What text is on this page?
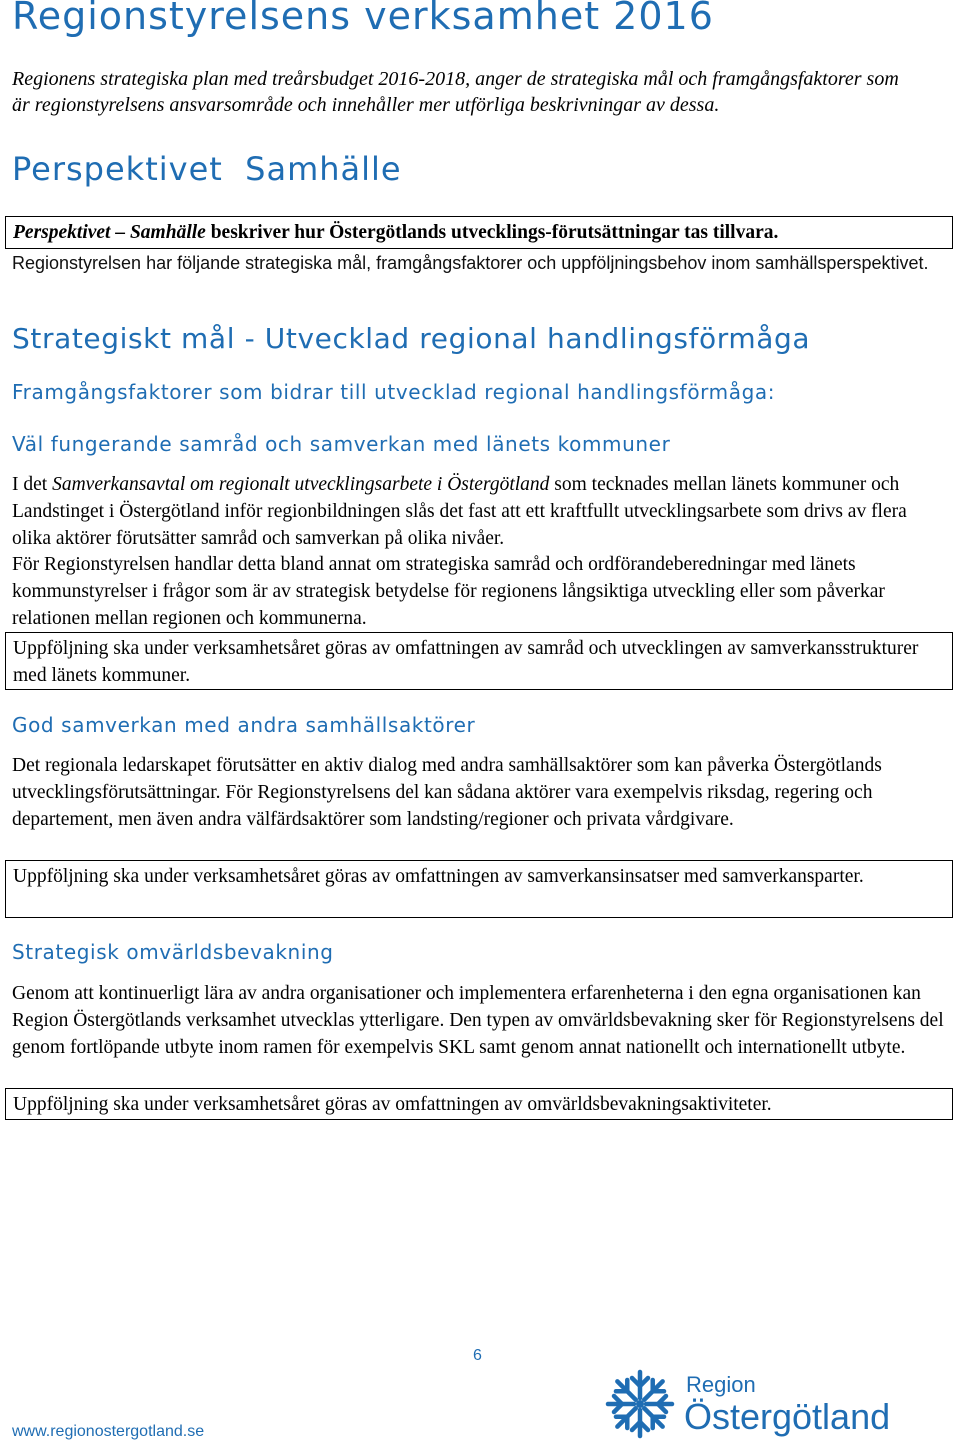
Regionstyrelsens verksamhet 2016

Regionens strategiska plan med treårsbudget 2016-2018, anger de strategiska mål och framgångsfaktorer som är regionstyrelsens ansvarsområde och innehåller mer utförliga beskrivningar av dessa.

Perspektivet  Samhälle
Perspektivet – Samhälle beskriver hur Östergötlands utvecklings-förutsättningar tas tillvara.

Regionstyrelsen har följande strategiska mål, framgångsfaktorer och uppföljningsbehov inom samhällsperspektivet.

Strategiskt mål - Utvecklad regional handlingsförmåga
Framgångsfaktorer som bidrar till utvecklad regional handlingsförmåga:
Väl fungerande samråd och samverkan med länets kommuner

I det Samverkansavtal om regionalt utvecklingsarbete i Östergötland som tecknades mellan länets kommuner och Landstinget i Östergötland inför regionbildningen slås det fast att ett kraftfullt utvecklingsarbete som drivs av flera olika aktörer förutsätter samråd och samverkan på olika nivåer.

För Regionstyrelsen handlar detta bland annat om strategiska samråd och ordförandeberedningar med länets kommunstyrelser i frågor som är av strategisk betydelse för regionens långsiktiga utveckling eller som påverkar relationen mellan regionen och kommunerna.

Uppföljning ska under verksamhetsåret göras av omfattningen av samråd och utvecklingen av samverkansstrukturer med länets kommuner.
God samverkan med andra samhällsaktörer

Det regionala ledarskapet förutsätter en aktiv dialog med andra samhällsaktörer som kan påverka Östergötlands utvecklingsförutsättningar. För Regionstyrelsens del kan sådana aktörer vara exempelvis riksdag, regering och departement, men även andra välfärdsaktörer som landsting/regioner och privata vårdgivare.

Uppföljning ska under verksamhetsåret göras av omfattningen av samverkansinsatser med samverkansparter.
Strategisk omvärldsbevakning

Genom att kontinuerligt lära av andra organisationer och implementera erfarenheterna i den egna organisationen kan Region Östergötlands verksamhet utvecklas ytterligare. Den typen av omvärldsbevakning sker för Regionstyrelsens del genom fortlöpande utbyte inom ramen för exempelvis SKL samt genom annat nationellt och internationellt utbyte.

Uppföljning ska under verksamhetsåret göras av omfattningen av omvärldsbevakningsaktiviteter.

6

www.regionostergotland.se

Region

Östergötland
